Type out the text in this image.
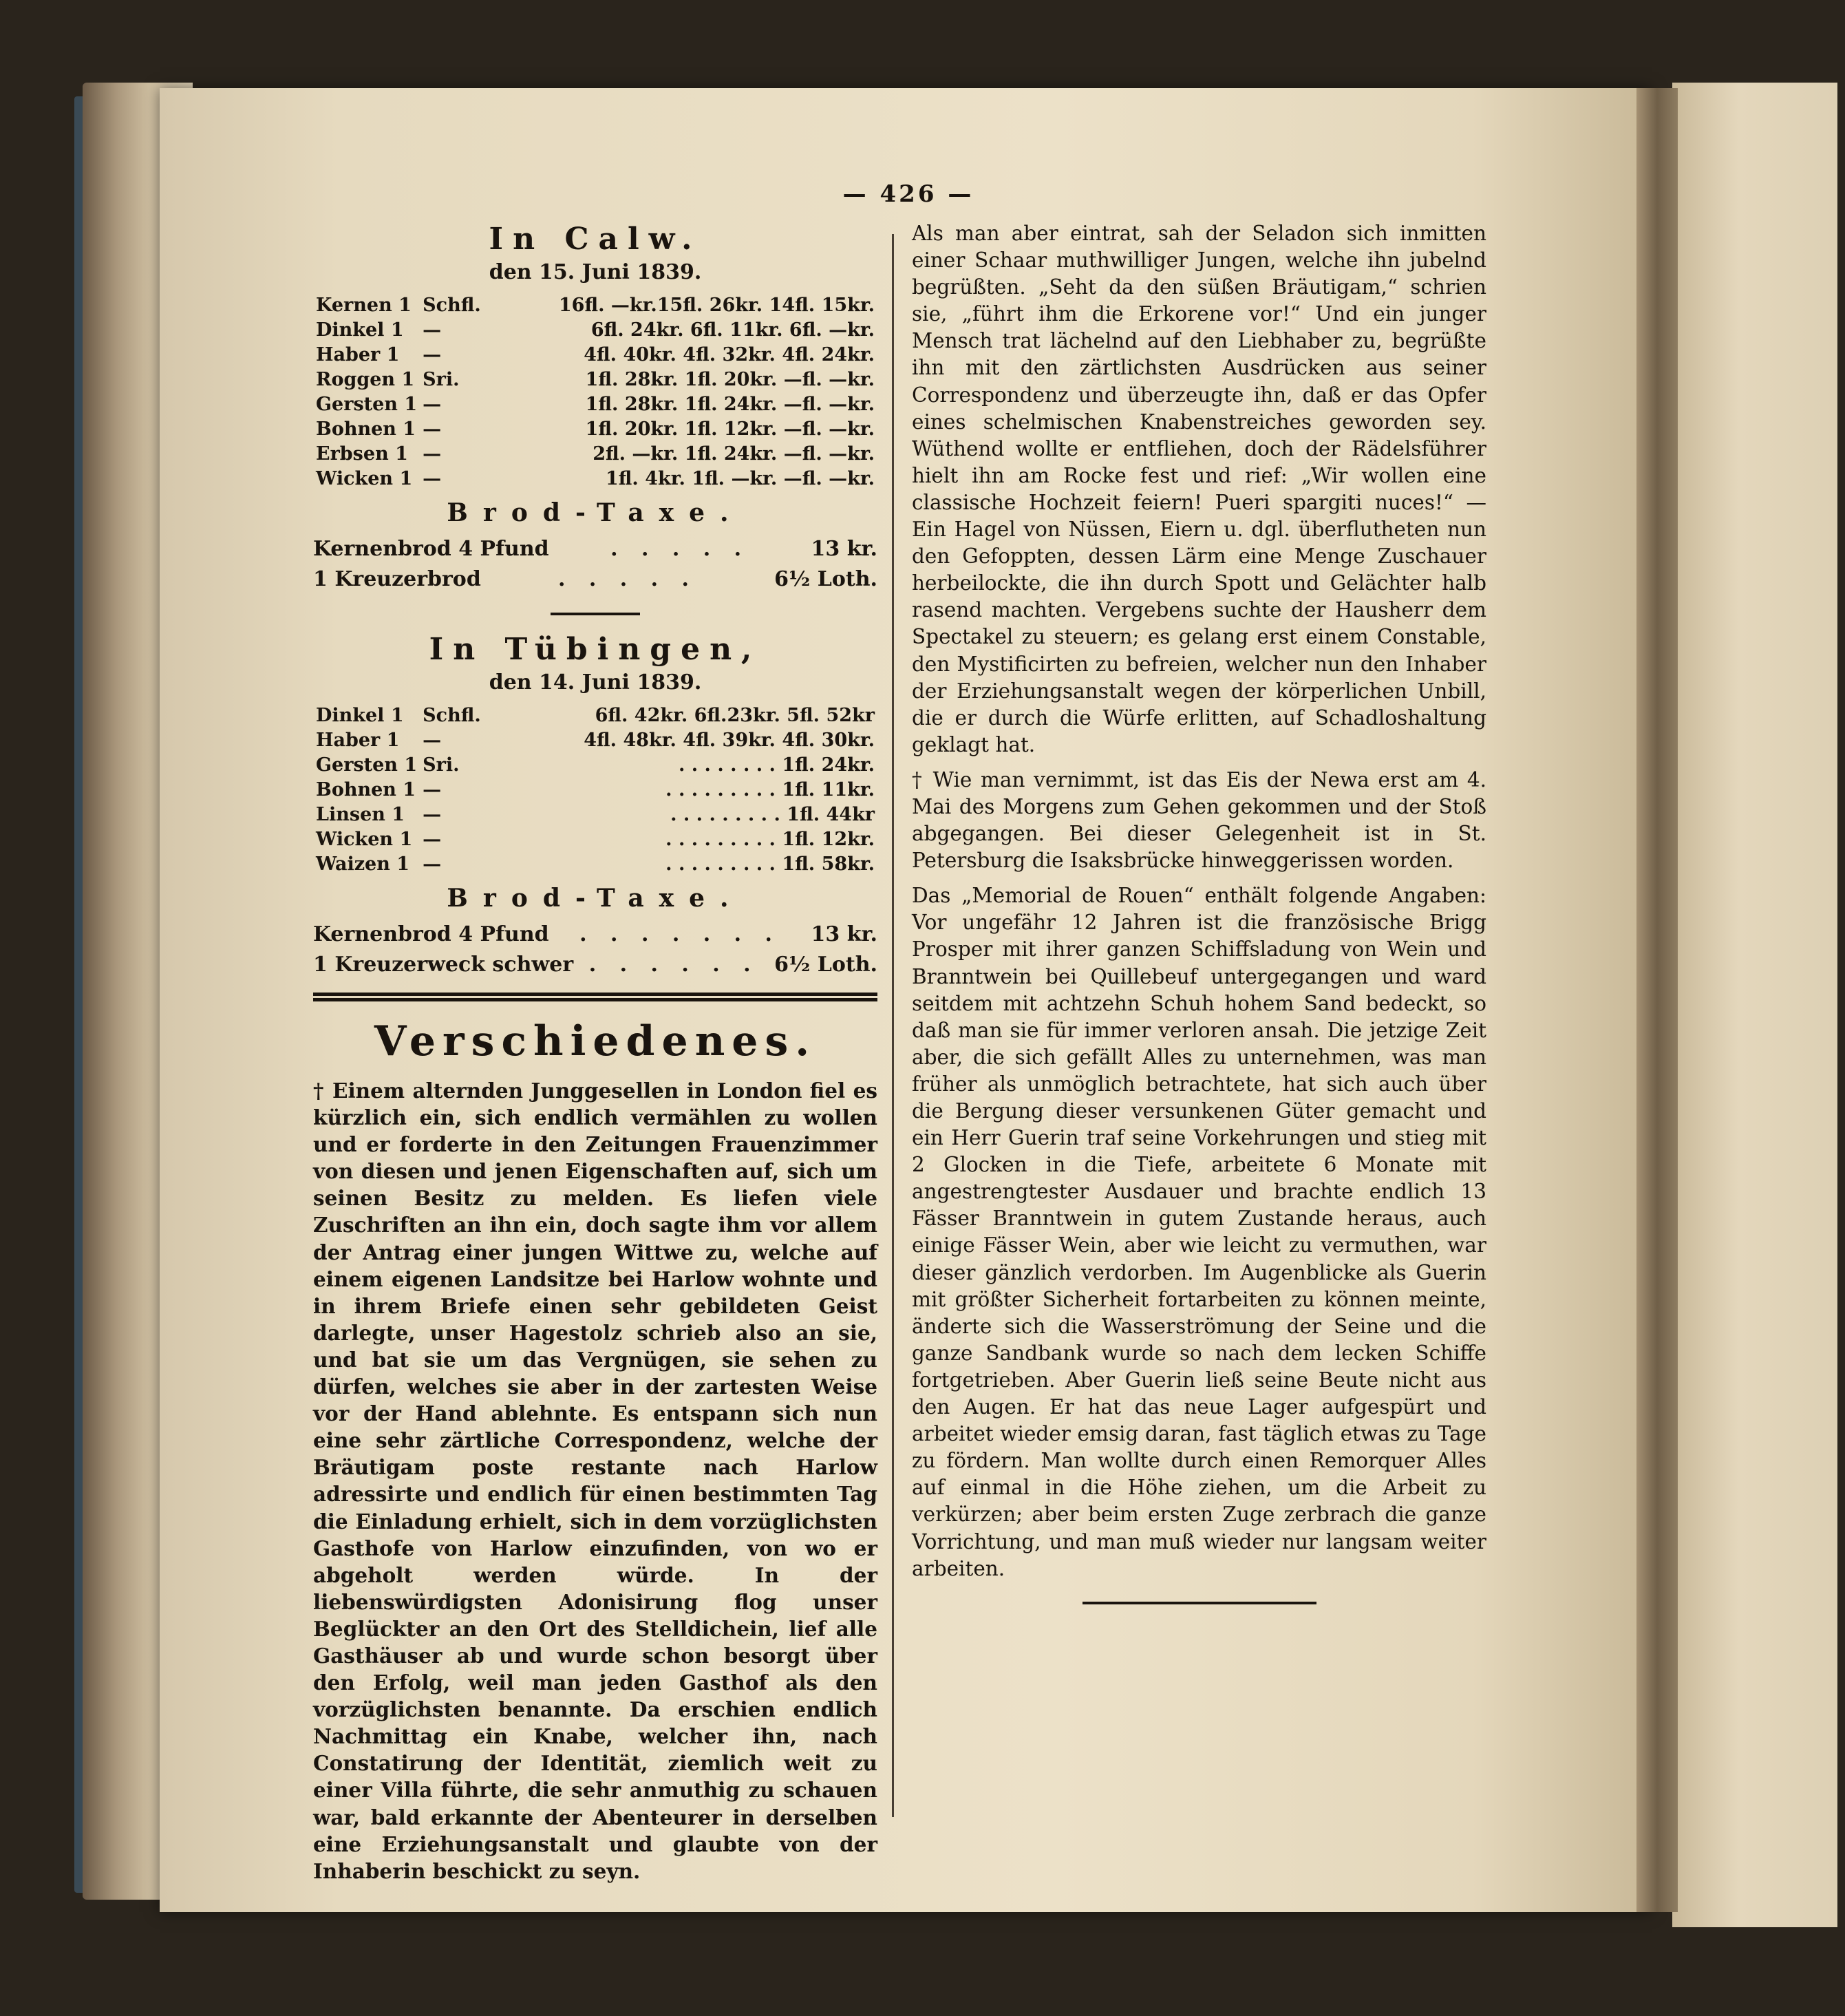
— 426 —
In Calw.

den 15. Juni 1839.

Kernen 1	Schfl.	16fl. —kr.15fl. 26kr. 14fl. 15kr.
Dinkel 1	—	6fl. 24kr. 6fl. 11kr. 6fl. —kr.
Haber 1	—	4fl. 40kr. 4fl. 32kr. 4fl. 24kr.
Roggen 1	Sri.	1fl. 28kr. 1fl. 20kr. —fl. —kr.
Gersten 1	—	1fl. 28kr. 1fl. 24kr. —fl. —kr.
Bohnen 1	—	1fl. 20kr. 1fl. 12kr. —fl. —kr.
Erbsen 1	—	2fl. —kr. 1fl. 24kr. —fl. —kr.
Wicken 1	—	1fl. 4kr. 1fl. —kr. —fl. —kr.
Brod-Taxe.
Kernenbrod 4 Pfund	. . . . .	13 kr.
1 Kreuzerbrod	. . . . .	6½ Loth.
In Tübingen,

den 14. Juni 1839.

Dinkel 1	Schfl.	6fl. 42kr. 6fl.23kr. 5fl. 52kr
Haber 1	—	4fl. 48kr. 4fl. 39kr. 4fl. 30kr.
Gersten 1	Sri.	. . . . . . . . 1fl. 24kr.
Bohnen 1	—	. . . . . . . . . 1fl. 11kr.
Linsen 1	—	. . . . . . . . . 1fl. 44kr
Wicken 1	—	. . . . . . . . . 1fl. 12kr.
Waizen 1	—	. . . . . . . . . 1fl. 58kr.
Brod-Taxe.
Kernenbrod 4 Pfund	. . . . . . .	13 kr.
1 Kreuzerweck schwer . . . . . . 6½ Loth.
Verschiedenes.

† Einem alternden Junggesellen in London fiel es kürzlich ein, sich endlich vermählen zu wollen und er forderte in den Zeitungen Frauenzimmer von diesen und jenen Eigenschaften auf, sich um seinen Besitz zu melden. Es liefen viele Zuschriften an ihn ein, doch sagte ihm vor allem der Antrag einer jungen Wittwe zu, welche auf einem eigenen Landsitze bei Harlow wohnte und in ihrem Briefe einen sehr gebildeten Geist darlegte, unser Hagestolz schrieb also an sie, und bat sie um das Vergnügen, sie sehen zu dürfen, welches sie aber in der zartesten Weise vor der Hand ablehnte. Es entspann sich nun eine sehr zärtliche Correspondenz, welche der Bräutigam poste restante nach Harlow adressirte und endlich für einen bestimmten Tag die Einladung erhielt, sich in dem vorzüglichsten Gasthofe von Harlow einzufinden, von wo er abgeholt werden würde. In der liebenswürdigsten Adonisirung flog unser Beglückter an den Ort des Stelldichein, lief alle Gasthäuser ab und wurde schon besorgt über den Erfolg, weil man jeden Gasthof als den vorzüglichsten benannte. Da erschien endlich Nachmittag ein Knabe, welcher ihn, nach Constatirung der Identität, ziemlich weit zu einer Villa führte, die sehr anmuthig zu schauen war, bald erkannte der Abenteurer in derselben eine Erziehungsanstalt und glaubte von der Inhaberin beschickt zu seyn.

Als man aber eintrat, sah der Seladon sich inmitten einer Schaar muthwilliger Jungen, welche ihn jubelnd begrüßten. „Seht da den süßen Bräutigam,“ schrien sie, „führt ihm die Erkorene vor!“ Und ein junger Mensch trat lächelnd auf den Liebhaber zu, begrüßte ihn mit den zärtlichsten Ausdrücken aus seiner Correspondenz und überzeugte ihn, daß er das Opfer eines schelmischen Knabenstreiches geworden sey. Wüthend wollte er entfliehen, doch der Rädelsführer hielt ihn am Rocke fest und rief: „Wir wollen eine classische Hochzeit feiern! Pueri spargiti nuces!“ — Ein Hagel von Nüssen, Eiern u. dgl. überflutheten nun den Gefoppten, dessen Lärm eine Menge Zuschauer herbeilockte, die ihn durch Spott und Gelächter halb rasend machten. Vergebens suchte der Hausherr dem Spectakel zu steuern; es gelang erst einem Constable, den Mystificirten zu befreien, welcher nun den Inhaber der Erziehungsanstalt wegen der körperlichen Unbill, die er durch die Würfe erlitten, auf Schadloshaltung geklagt hat.

† Wie man vernimmt, ist das Eis der Newa erst am 4. Mai des Morgens zum Gehen gekommen und der Stoß abgegangen. Bei dieser Gelegenheit ist in St. Petersburg die Isaksbrücke hinweggerissen worden.

Das „Memorial de Rouen“ enthält folgende Angaben: Vor ungefähr 12 Jahren ist die französische Brigg Prosper mit ihrer ganzen Schiffsladung von Wein und Branntwein bei Quillebeuf untergegangen und ward seitdem mit achtzehn Schuh hohem Sand bedeckt, so daß man sie für immer verloren ansah. Die jetzige Zeit aber, die sich gefällt Alles zu unternehmen, was man früher als unmöglich betrachtete, hat sich auch über die Bergung dieser versunkenen Güter gemacht und ein Herr Guerin traf seine Vorkehrungen und stieg mit 2 Glocken in die Tiefe, arbeitete 6 Monate mit angestrengtester Ausdauer und brachte endlich 13 Fässer Branntwein in gutem Zustande heraus, auch einige Fässer Wein, aber wie leicht zu vermuthen, war dieser gänzlich verdorben. Im Augenblicke als Guerin mit größter Sicherheit fortarbeiten zu können meinte, änderte sich die Wasserströmung der Seine und die ganze Sandbank wurde so nach dem lecken Schiffe fortgetrieben. Aber Guerin ließ seine Beute nicht aus den Augen. Er hat das neue Lager aufgespürt und arbeitet wieder emsig daran, fast täglich etwas zu Tage zu fördern. Man wollte durch einen Remorquer Alles auf einmal in die Höhe ziehen, um die Arbeit zu verkürzen; aber beim ersten Zuge zerbrach die ganze Vorrichtung, und man muß wieder nur langsam weiter arbeiten.
